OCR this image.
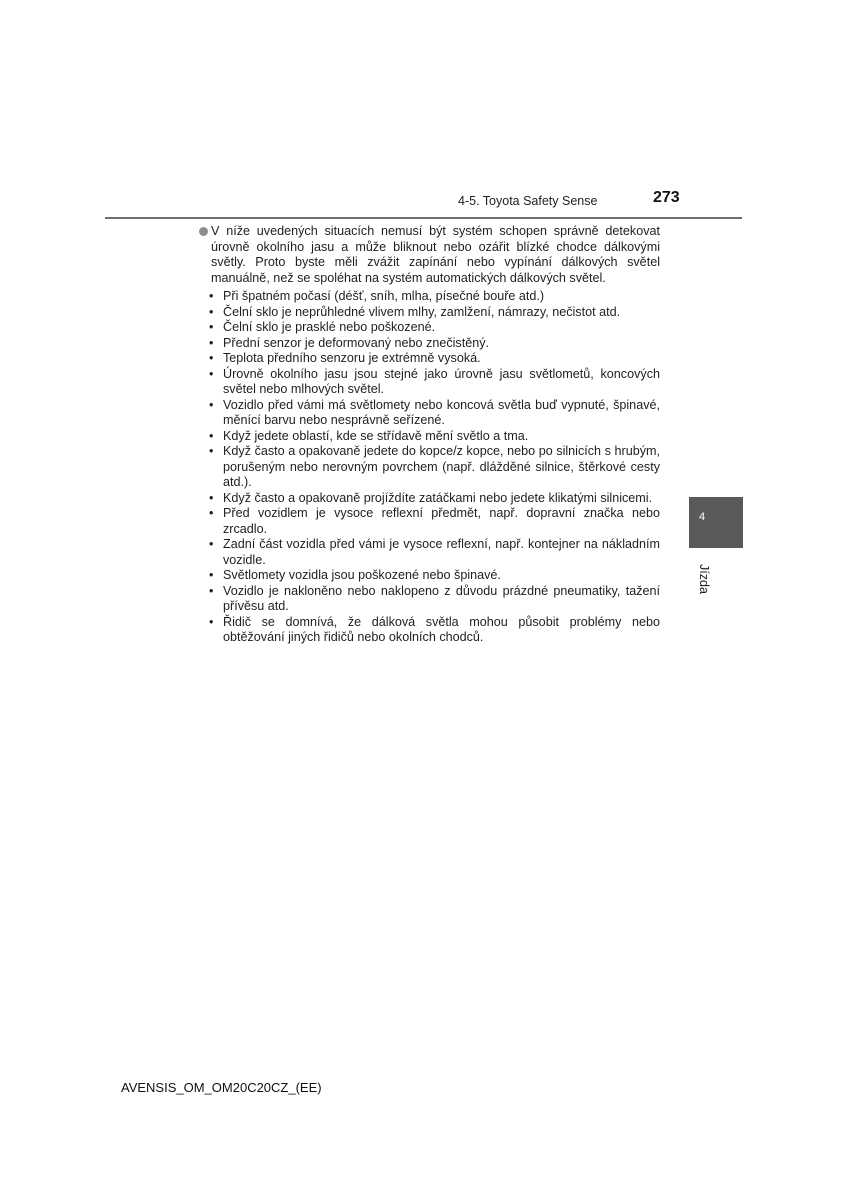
4-5. Toyota Safety Sense	273
V níže uvedených situacích nemusí být systém schopen správně detekovat úrovně okolního jasu a může bliknout nebo ozářit blízké chodce dálkovými světly. Proto byste měli zvážit zapínání nebo vypínání dálkových světel manuálně, než se spoléhat na systém automatických dálkových světel.
• Při špatném počasí (déšť, sníh, mlha, písečné bouře atd.)
• Čelní sklo je neprůhledné vlivem mlhy, zamlžení, námrazy, nečistot atd.
• Čelní sklo je prasklé nebo poškozené.
• Přední senzor je deformovaný nebo znečistěný.
• Teplota předního senzoru je extrémně vysoká.
• Úrovně okolního jasu jsou stejné jako úrovně jasu světlometů, koncových světel nebo mlhových světel.
• Vozidlo před vámi má světlomety nebo koncová světla buď vypnuté, špinavé, měnící barvu nebo nesprávně seřízené.
• Když jedete oblastí, kde se střídavě mění světlo a tma.
• Když často a opakovaně jedete do kopce/z kopce, nebo po silnicích s hrubým, porušeným nebo nerovným povrchem (např. dlážděné silnice, štěrkové cesty atd.).
• Když často a opakovaně projíždíte zatáčkami nebo jedete klikatými silnicemi.
• Před vozidlem je vysoce reflexní předmět, např. dopravní značka nebo zrcadlo.
• Zadní část vozidla před vámi je vysoce reflexní, např. kontejner na nákladním vozidle.
• Světlomety vozidla jsou poškozené nebo špinavé.
• Vozidlo je nakloněno nebo naklopeno z důvodu prázdné pneumatiky, tažení přívěsu atd.
• Řidič se domnívá, že dálková světla mohou působit problémy nebo obtěžování jiných řidičů nebo okolních chodců.
4
Jízda
AVENSIS_OM_OM20C20CZ_(EE)
